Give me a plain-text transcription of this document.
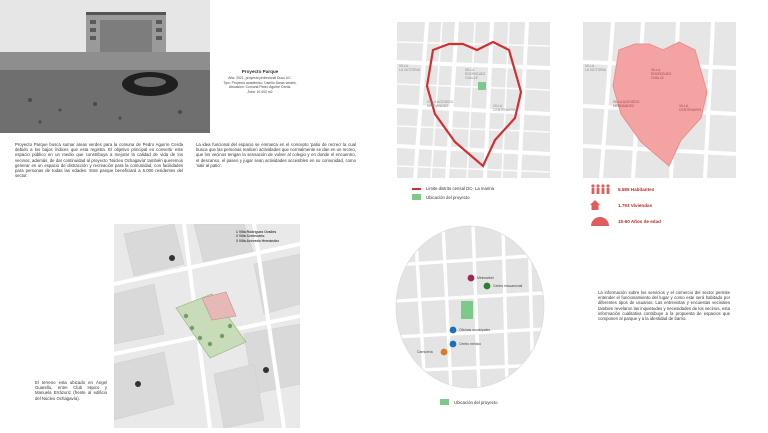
Proyecto Parque, Avenida Pedro Aguirre Cerda
Proyecto Parque
Año: 2021, proyecto profesional Duoc UC.
Tipo: Proyecto académico, Diseño Áreas verdes.
Ubicación: Comuna Pedro Aguirre Cerda.
Área: 10.000 m2
Proyecto Parque busca sumar areas verdes para la comuna de Pedro Aguirre Cerda debido a los bajos índices que esta registra. El objetivo principal es convertir este espacio público en un medio que constribuya a mejorar la calidad de vida de los vecinos, además, de dar continuidad al proyecto 'Núcleo Ochagavía' también queremos generar en un espacio de distracción y recreación para la comunidad, con facilidades para personas de todas las edades. Este parque beneficiará a 5.000 residentes del sector.
La idea funcional del espacio se enmarca en el concepto 'patio de recreo' la cual busca que las personas realicen actividades que normalmente se dan en un recreo, que los vecinos tengan la sensación de volver al colegio y en donde el encuentro, el descanso, el paseo y jugar sean actividades accesibles en su comunidad, como 'salir al patio'.
VILLA
LA VICTORIA	VILLA
RODRIGUEZ
OVALLE
VILLA ACEVEDO
HERNANDEZ	VILLA
CENTENARIO
VILLA
LA VICTORIA	VILLA
RODRIGUEZ
OVALLE
VILLA ACEVEDO
HERNANDEZ	VILLA
CENTENARIO
Limite distrito censal DC- La marina
Ubicación del proyecto
5.585 Habitantes
1.793 Viviendas
15-60 Años de edad
1 Villa Rodriguez Ovalles
2 Villa Centenario
3 Villa Acevedo Hernández
El terreno esta ubicado en Ángel Guarello, entre Club Hipico y Manuela Errázuriz (frente al edificio del Núcleo Ochagavía).
Minimarket
Centro educacional
Oficinas municipales
Centro médico
Carnicería
Ubicación del proyecto
La información sobre los servicios y el comercio del sector permite entender el funcionamiento del lugar y como este será habitado por diferentes tipos de usuarios. Las entrevistas y encuestas vecinales tambien revelaron las inquietudes y necesidades de los vecinos, esta información cualitativa contribuye a la propuesta de espacios que componen al parque y a la identidad de barrio.
